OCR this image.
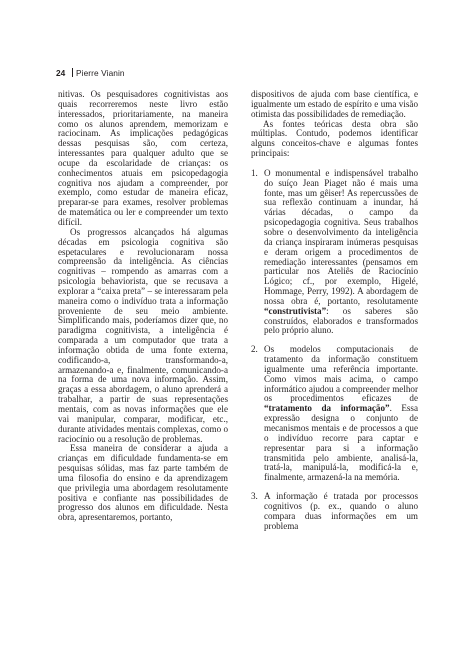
24 Pierre Vianin

nitivas. Os pesquisadores cognitivistas aos quais recorreremos neste livro estão interessados, prioritariamente, na maneira como os alunos aprendem, memorizam e raciocinam. As implicações pedagógicas dessas pesquisas são, com certeza, interessantes para qualquer adulto que se ocupe da escolaridade de crianças: os conhecimentos atuais em psicopedagogia cognitiva nos ajudam a compreender, por exemplo, como estudar de maneira eficaz, preparar-se para exames, resolver problemas de matemática ou ler e compreender um texto difícil.

Os progressos alcançados há algumas décadas em psicologia cognitiva são espetaculares e revolucionaram nossa compreensão da inteligência. As ciências cognitivas – rompendo as amarras com a psicologia behaviorista, que se recusava a explorar a “caixa preta” – se interessaram pela maneira como o indivíduo trata a informação proveniente de seu meio ambiente. Simplificando mais, poderíamos dizer que, no paradigma cognitivista, a inteligência é comparada a um computador que trata a informação obtida de uma fonte externa, codificando-a, transformando-a, armazenando-a e, finalmente, comunicando-a na forma de uma nova informação. Assim, graças a essa abordagem, o aluno aprenderá a trabalhar, a partir de suas representações mentais, com as novas informações que ele vai manipular, comparar, modificar, etc., durante atividades mentais complexas, como o raciocínio ou a resolução de problemas.

Essa maneira de considerar a ajuda a crianças em dificuldade fundamenta-se em pesquisas sólidas, mas faz parte também de uma filosofia do ensino e da aprendizagem que privilegia uma abordagem resolutamente positiva e confiante nas possibilidades de progresso dos alunos em dificuldade. Nesta obra, apresentaremos, portanto,

dispositivos de ajuda com base científica, e igualmente um estado de espírito e uma visão otimista das possibilidades de remediação.

As fontes teóricas desta obra são múltiplas. Contudo, podemos identificar alguns conceitos-chave e algumas fontes principais:

1. O monumental e indispensável trabalho do suíço Jean Piaget não é mais uma fonte, mas um gêiser! As repercussões de sua reflexão continuam a inundar, há várias décadas, o campo da psicopedagogia cognitiva. Seus trabalhos sobre o desenvolvimento da inteligência da criança inspiraram inúmeras pesquisas e deram origem a procedimentos de remediação interessantes (pensamos em particular nos Ateliês de Raciocínio Lógico; cf., por exemplo, Higelé, Hommage, Perry, 1992). A abordagem de nossa obra é, portanto, resolutamente “construtivista”: os saberes são construídos, elaborados e transformados pelo próprio aluno.
2. Os modelos computacionais de tratamento da informação constituem igualmente uma referência importante. Como vimos mais acima, o campo informático ajudou a compreender melhor os procedimentos eficazes de “tratamento da informação”. Essa expressão designa o conjunto de mecanismos mentais e de processos a que o indivíduo recorre para captar e representar para si a informação transmitida pelo ambiente, analisá-la, tratá-la, manipulá-la, modificá-la e, finalmente, armazená-la na memória.
3. A informação é tratada por processos cognitivos (p. ex., quando o aluno compara duas informações em um problema
